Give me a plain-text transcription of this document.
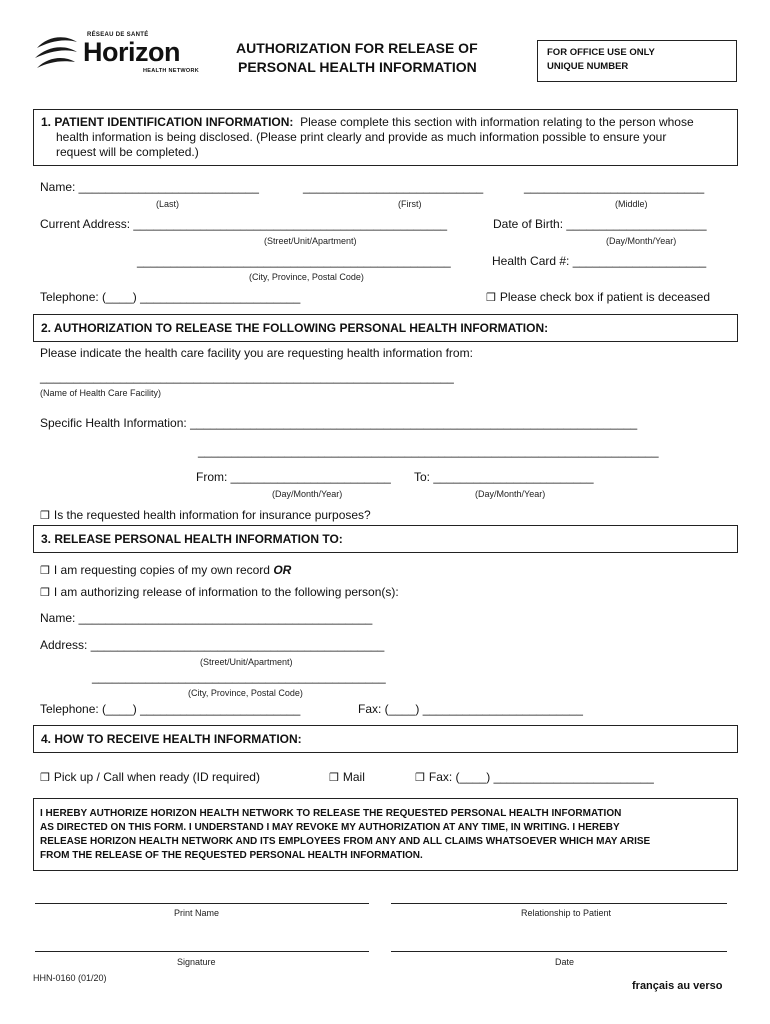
RÉSEAU DE SANTÉ
Horizon
HEALTH NETWORK
AUTHORIZATION FOR RELEASE OF
PERSONAL HEALTH INFORMATION
FOR OFFICE USE ONLY
UNIQUE NUMBER
1. PATIENT IDENTIFICATION INFORMATION: Please complete this section with information relating to the person whose
health information is being disclosed. (Please print clearly and provide as much information possible to ensure your
request will be completed.)
Name: ___________________________	___________________________	___________________________
(Last)	(First)	(Middle)
Current Address: _______________________________________________	Date of Birth: _____________________
(Street/Unit/Apartment)	(Day/Month/Year)
_______________________________________________	Health Card #: ____________________
(City, Province, Postal Code)
Telephone: (____) ________________________	❒ Please check box if patient is deceased
2. AUTHORIZATION TO RELEASE THE FOLLOWING PERSONAL HEALTH INFORMATION:
Please indicate the health care facility you are requesting health information from:
______________________________________________________________
(Name of Health Care Facility)
Specific Health Information: ___________________________________________________________________
_____________________________________________________________________
From: ________________________ To: ________________________
(Day/Month/Year)	(Day/Month/Year)
❒ Is the requested health information for insurance purposes?
3. RELEASE PERSONAL HEALTH INFORMATION TO:
❒ I am requesting copies of my own record OR
❒ I am authorizing release of information to the following person(s):
Name: ____________________________________________
Address: ____________________________________________
(Street/Unit/Apartment)
____________________________________________
(City, Province, Postal Code)
Telephone: (____) ________________________	Fax: (____) ________________________
4. HOW TO RECEIVE HEALTH INFORMATION:
❒ Pick up / Call when ready (ID required)	❒ Mail	❒ Fax: (____) ________________________
I HEREBY AUTHORIZE HORIZON HEALTH NETWORK TO RELEASE THE REQUESTED PERSONAL HEALTH INFORMATION
AS DIRECTED ON THIS FORM. I UNDERSTAND I MAY REVOKE MY AUTHORIZATION AT ANY TIME, IN WRITING. I HEREBY
RELEASE HORIZON HEALTH NETWORK AND ITS EMPLOYEES FROM ANY AND ALL CLAIMS WHATSOEVER WHICH MAY ARISE
FROM THE RELEASE OF THE REQUESTED PERSONAL HEALTH INFORMATION.
Print Name	Relationship to Patient
Signature	Date
HHN-0160 (01/20)
français au verso
